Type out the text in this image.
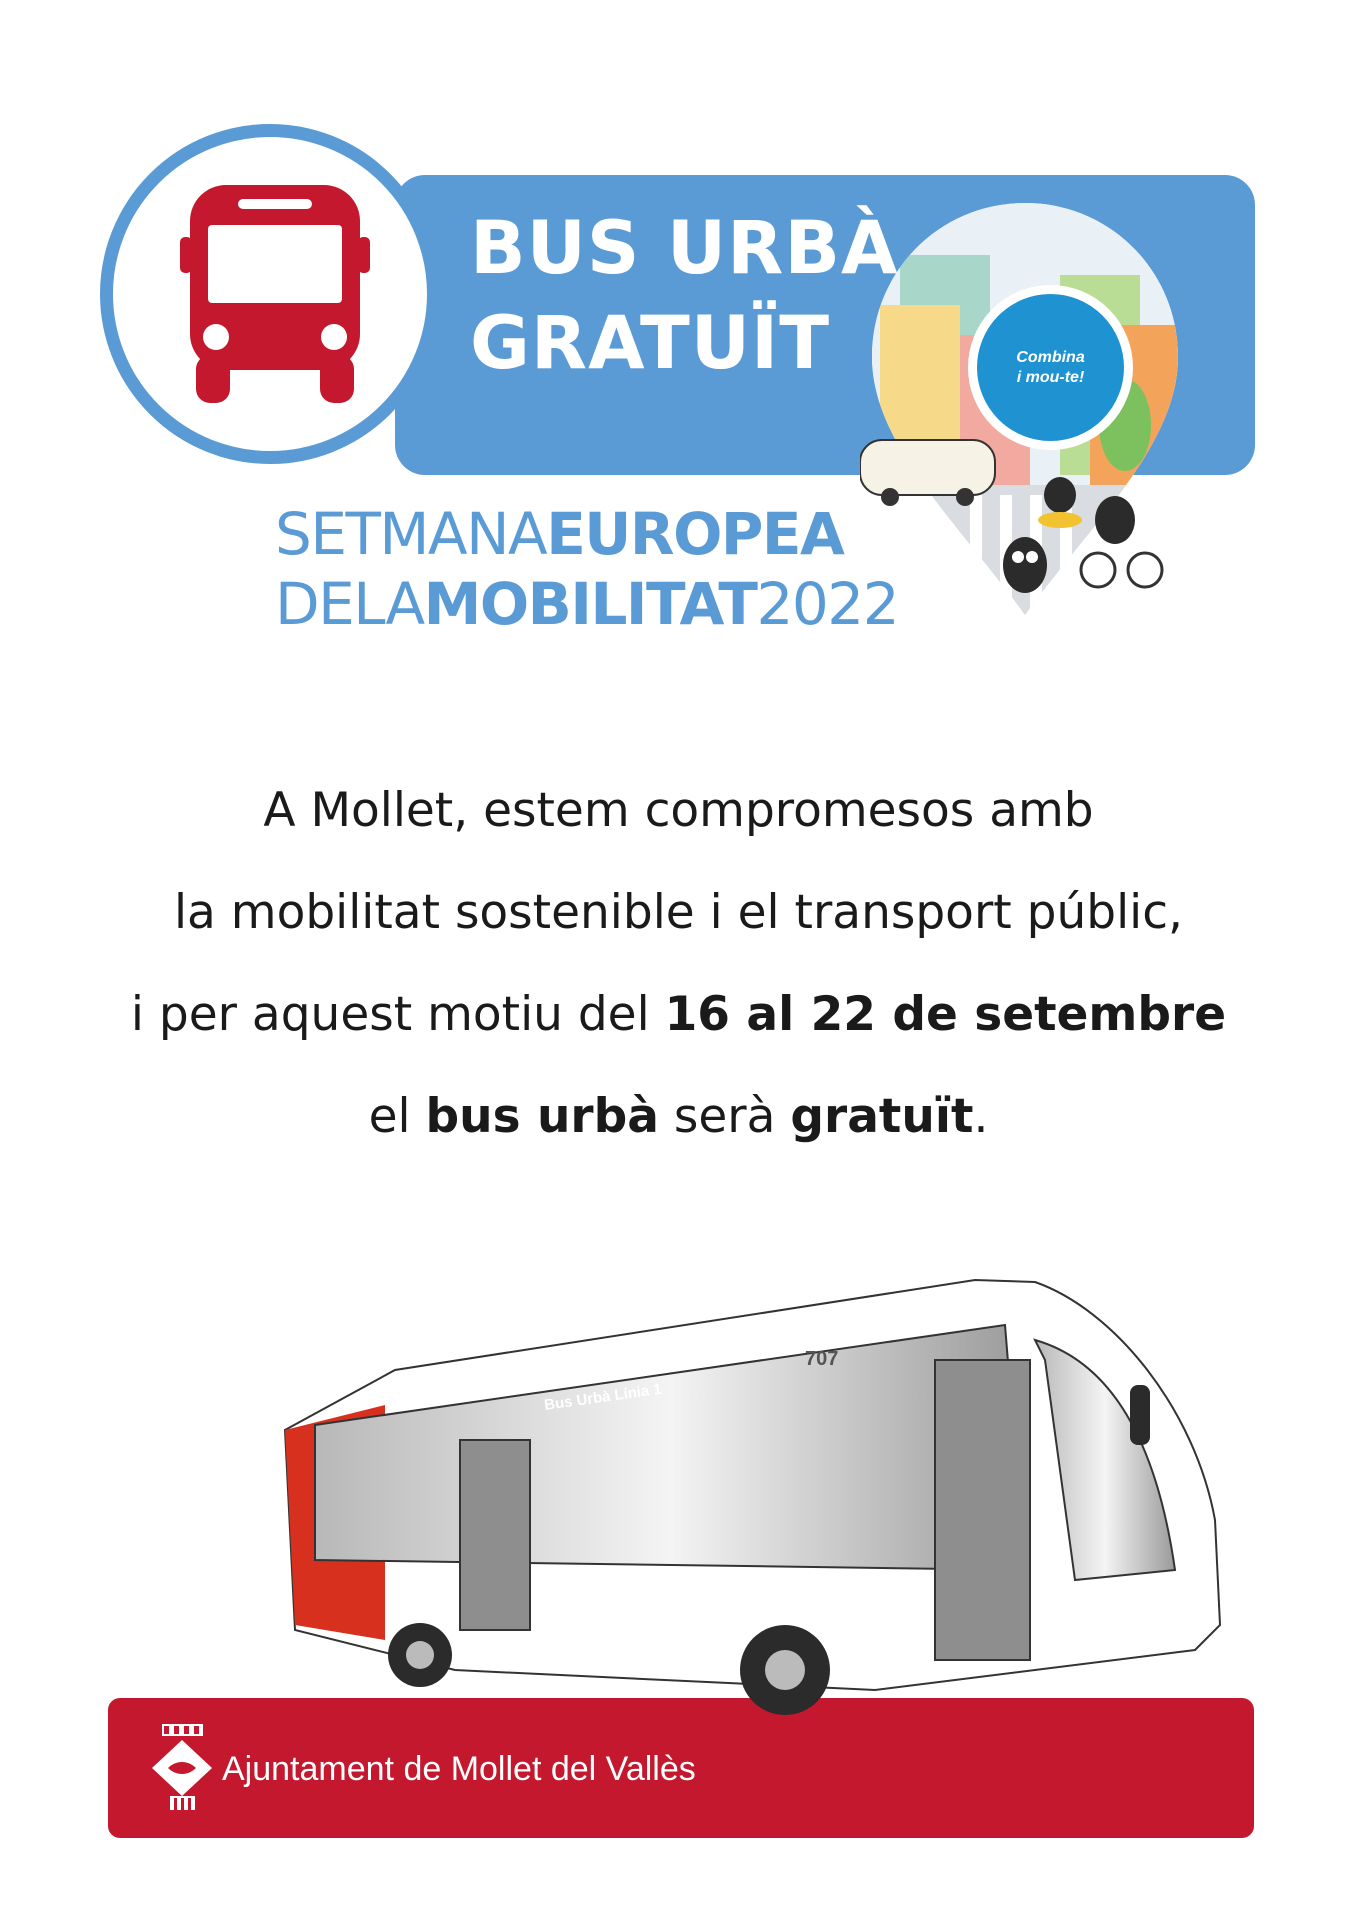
BUS URBÀ
GRATUÏT	Combina
i mou-te!
SETMANAEUROPEA
DELAMOBILITAT2022
A Mollet, estem compromesos amb
la mobilitat sostenible i el transport públic,
i per aquest motiu del 16 al 22 de setembre
el bus urbà serà gratuït.
707
Bus Urbà Línia 1
Ajuntament de Mollet del Vallès
